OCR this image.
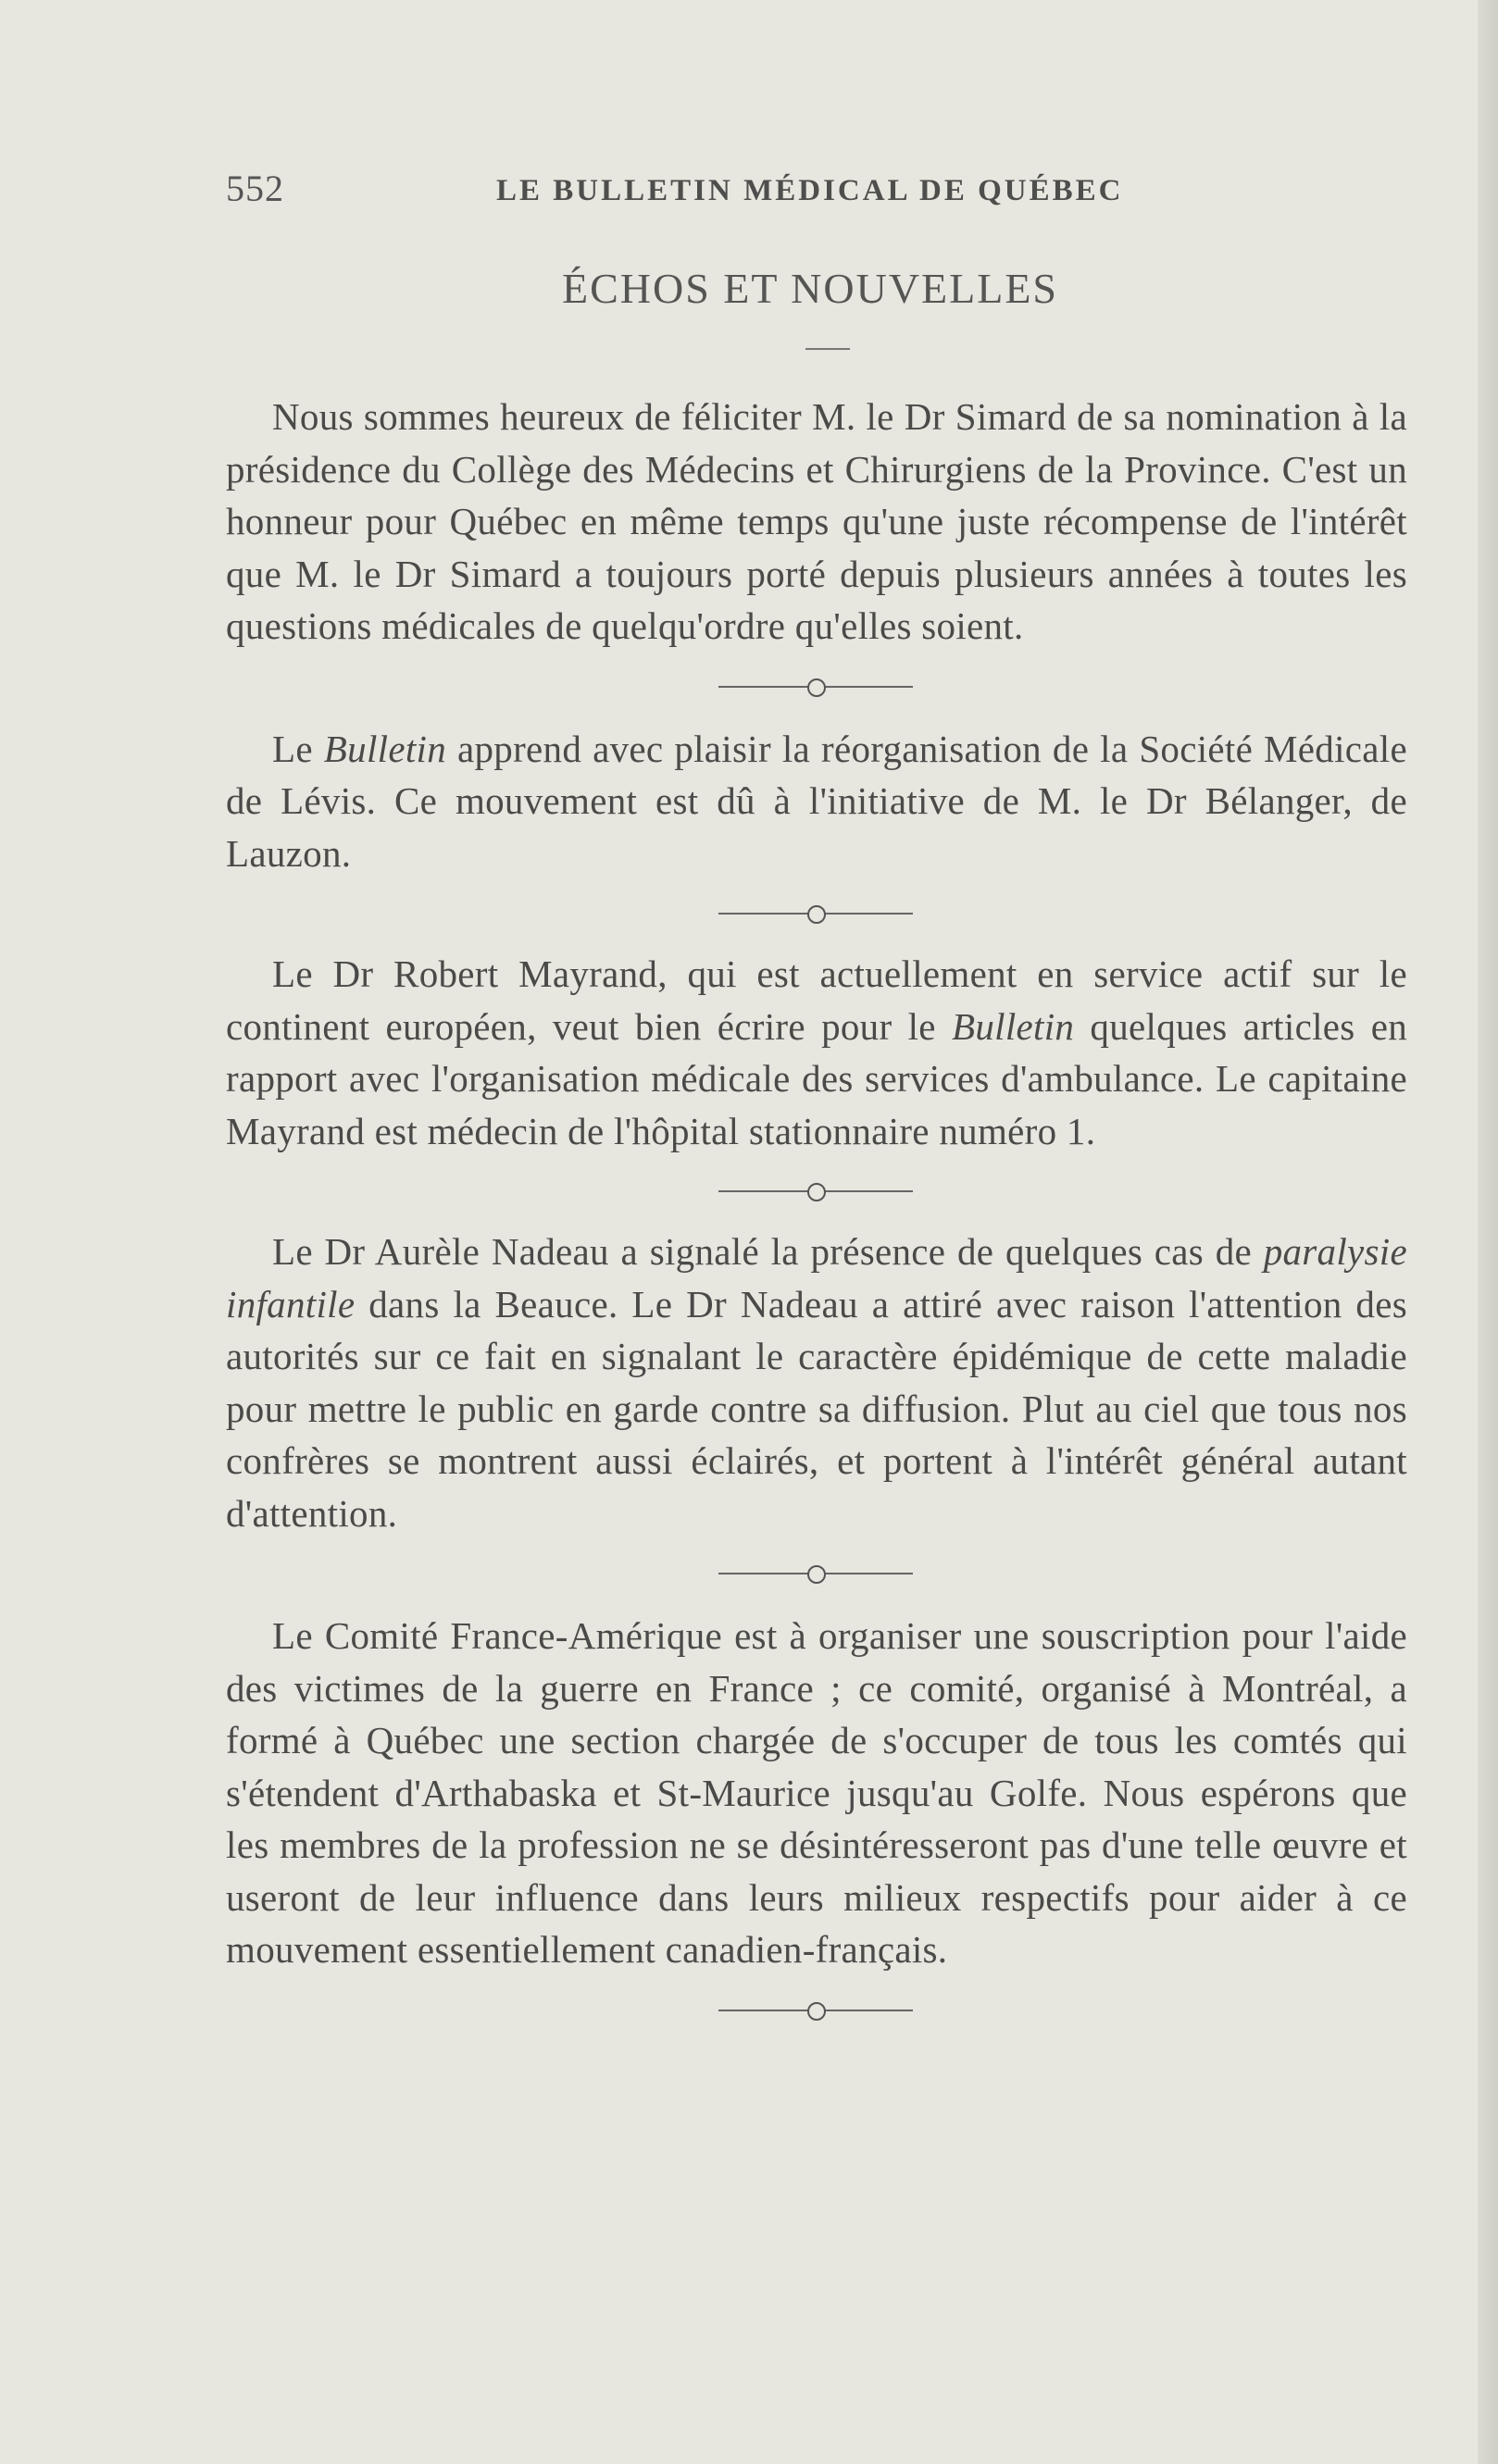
552	LE BULLETIN MÉDICAL DE QUÉBEC
ÉCHOS ET NOUVELLES

Nous sommes heureux de féliciter M. le Dr Simard de sa nomination à la présidence du Collège des Médecins et Chirurgiens de la Province. C'est un honneur pour Québec en même temps qu'une juste récompense de l'intérêt que M. le Dr Simard a toujours porté depuis plusieurs années à toutes les questions médicales de quelqu'ordre qu'elles soient.

Le Bulletin apprend avec plaisir la réorganisation de la Société Médicale de Lévis. Ce mouvement est dû à l'initiative de M. le Dr Bélanger, de Lauzon.

Le Dr Robert Mayrand, qui est actuellement en service actif sur le continent européen, veut bien écrire pour le Bulletin quelques articles en rapport avec l'organisation médicale des services d'ambulance. Le capitaine Mayrand est médecin de l'hôpital stationnaire numéro 1.

Le Dr Aurèle Nadeau a signalé la présence de quelques cas de paralysie infantile dans la Beauce. Le Dr Nadeau a attiré avec raison l'attention des autorités sur ce fait en signalant le caractère épidémique de cette maladie pour mettre le public en garde contre sa diffusion. Plut au ciel que tous nos confrères se montrent aussi éclairés, et portent à l'intérêt général autant d'attention.

Le Comité France-Amérique est à organiser une souscription pour l'aide des victimes de la guerre en France ; ce comité, organisé à Montréal, a formé à Québec une section chargée de s'occuper de tous les comtés qui s'étendent d'Arthabaska et St-Maurice jusqu'au Golfe. Nous espérons que les membres de la profession ne se désintéresseront pas d'une telle œuvre et useront de leur influence dans leurs milieux respectifs pour aider à ce mouvement essentiellement canadien-français.
